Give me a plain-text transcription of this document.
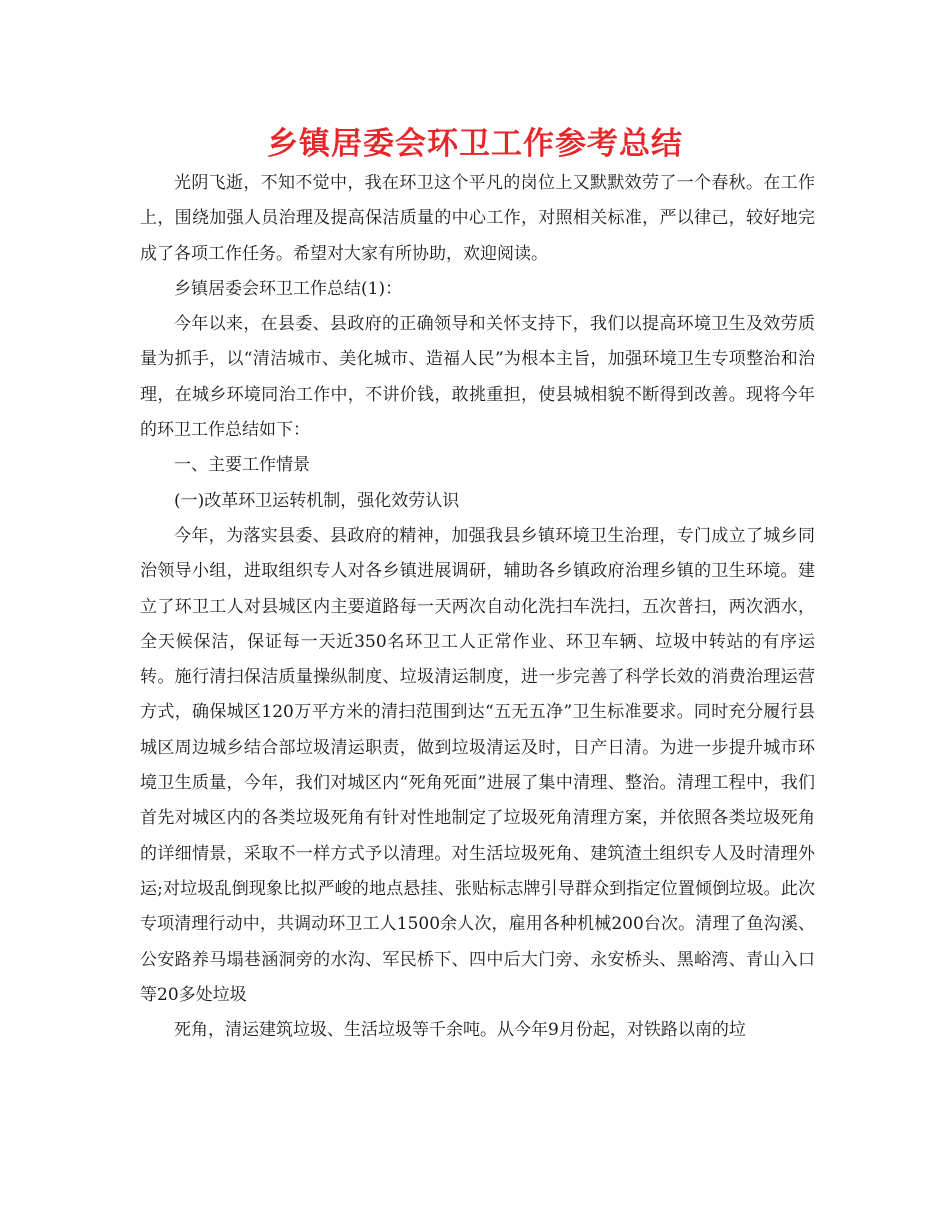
乡镇居委会环卫工作参考总结

光阴飞逝，不知不觉中，我在环卫这个平凡的岗位上又默默效劳了一个春秋。在工作上，围绕加强人员治理及提高保洁质量的中心工作，对照相关标准，严以律己，较好地完成了各项工作任务。希望对大家有所协助，欢迎阅读。

乡镇居委会环卫工作总结(1)：

今年以来，在县委、县政府的正确领导和关怀支持下，我们以提高环境卫生及效劳质量为抓手，以“清洁城市、美化城市、造福人民”为根本主旨，加强环境卫生专项整治和治理，在城乡环境同治工作中，不讲价钱，敢挑重担，使县城相貌不断得到改善。现将今年的环卫工作总结如下：

一、主要工作情景

(一)改革环卫运转机制，强化效劳认识

今年，为落实县委、县政府的精神，加强我县乡镇环境卫生治理，专门成立了城乡同治领导小组，进取组织专人对各乡镇进展调研，辅助各乡镇政府治理乡镇的卫生环境。建立了环卫工人对县城区内主要道路每一天两次自动化洗扫车洗扫，五次普扫，两次洒水，全天候保洁，保证每一天近350名环卫工人正常作业、环卫车辆、垃圾中转站的有序运转。施行清扫保洁质量操纵制度、垃圾清运制度，进一步完善了科学长效的消费治理运营方式，确保城区120万平方米的清扫范围到达“五无五净”卫生标准要求。同时充分履行县城区周边城乡结合部垃圾清运职责，做到垃圾清运及时，日产日清。为进一步提升城市环境卫生质量，今年，我们对城区内“死角死面”进展了集中清理、整治。清理工程中，我们首先对城区内的各类垃圾死角有针对性地制定了垃圾死角清理方案，并依照各类垃圾死角的详细情景，采取不一样方式予以清理。对生活垃圾死角、建筑渣土组织专人及时清理外运;对垃圾乱倒现象比拟严峻的地点悬挂、张贴标志牌引导群众到指定位置倾倒垃圾。此次专项清理行动中，共调动环卫工人1500余人次，雇用各种机械200台次。清理了鱼沟溪、公安路养马塌巷涵洞旁的水沟、军民桥下、四中后大门旁、永安桥头、黑峪湾、青山入口等20多处垃圾

死角，清运建筑垃圾、生活垃圾等千余吨。从今年9月份起，对铁路以南的垃
